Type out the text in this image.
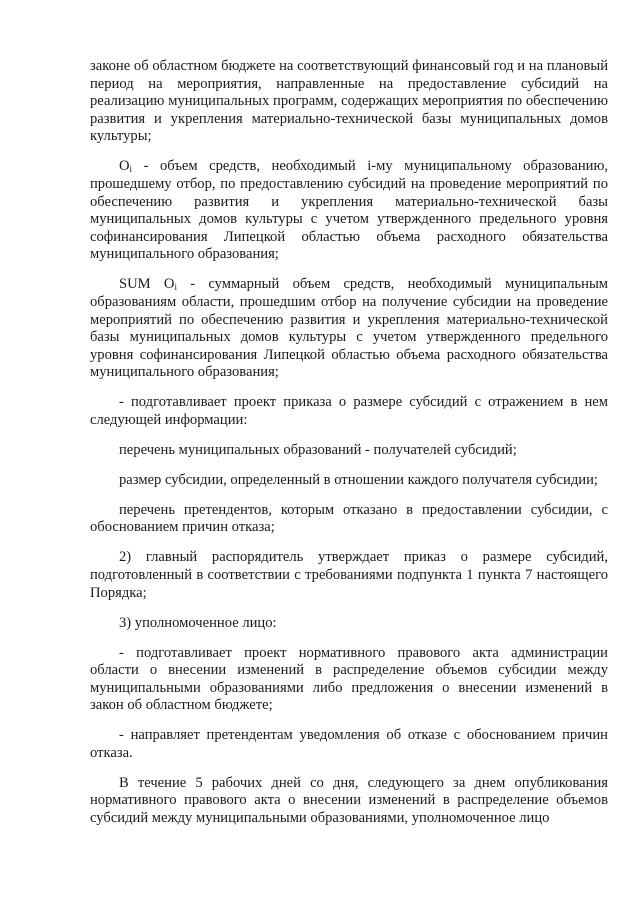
законе об областном бюджете на соответствующий финансовый год и на плановый период на мероприятия, направленные на предоставление субсидий на реализацию муниципальных программ, содержащих мероприятия по обеспечению развития и укрепления материально-технической базы муниципальных домов культуры;

$O_i$ - объем средств, необходимый i-му муниципальному образованию, прошедшему отбор, по предоставлению субсидий на проведение мероприятий по обеспечению развития и укрепления материально-технической базы муниципальных домов культуры с учетом утвержденного предельного уровня софинансирования Липецкой областью объема расходного обязательства муниципального образования;

SUM $O_i$ - суммарный объем средств, необходимый муниципальным образованиям области, прошедшим отбор на получение субсидии на проведение мероприятий по обеспечению развития и укрепления материально-технической базы муниципальных домов культуры с учетом утвержденного предельного уровня софинансирования Липецкой областью объема расходного обязательства муниципального образования;

- подготавливает проект приказа о размере субсидий с отражением в нем следующей информации:

перечень муниципальных образований - получателей субсидий;

размер субсидии, определенный в отношении каждого получателя субсидии;

перечень претендентов, которым отказано в предоставлении субсидии, с обоснованием причин отказа;

2) главный распорядитель утверждает приказ о размере субсидий, подготовленный в соответствии с требованиями подпункта 1 пункта 7 настоящего Порядка;

3) уполномоченное лицо:

- подготавливает проект нормативного правового акта администрации области о внесении изменений в распределение объемов субсидии между муниципальными образованиями либо предложения о внесении изменений в закон об областном бюджете;

- направляет претендентам уведомления об отказе с обоснованием причин отказа.

В течение 5 рабочих дней со дня, следующего за днем опубликования нормативного правового акта о внесении изменений в распределение объемов субсидий между муниципальными образованиями, уполномоченное лицо
